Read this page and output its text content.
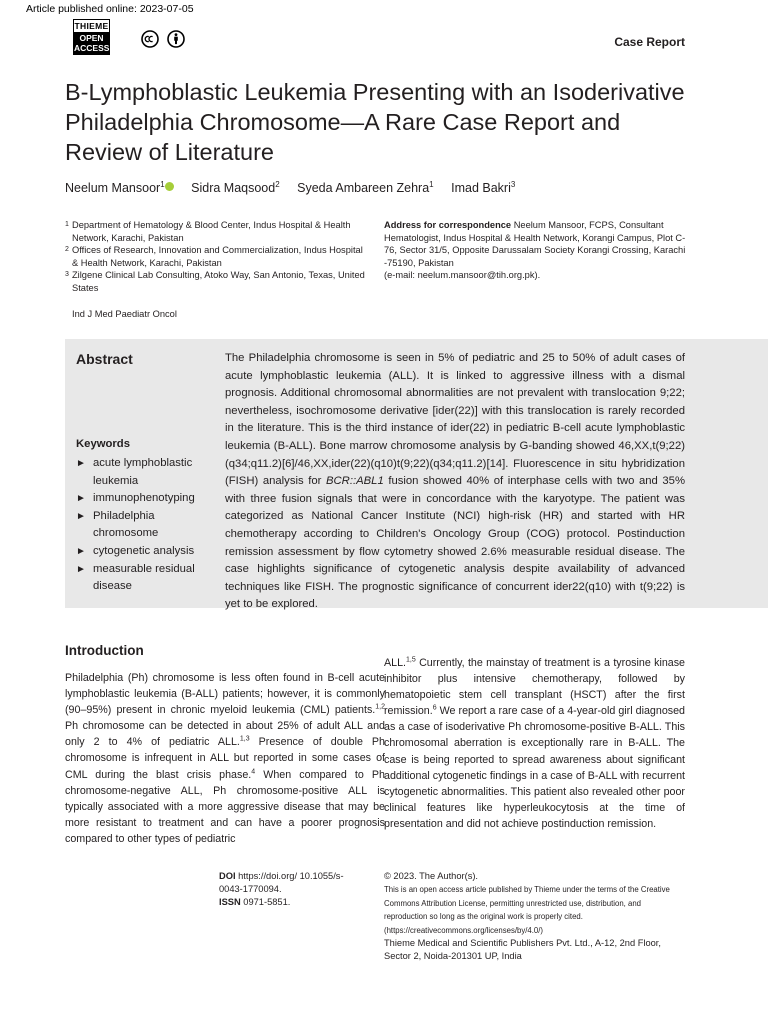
Article published online: 2023-07-05
THIEME
OPEN
ACCESS	Case Report
B-Lymphoblastic Leukemia Presenting with an Isoderivative Philadelphia Chromosome—A Rare Case Report and Review of Literature
Neelum Mansoor$^1$ Sidra Maqsood$^2$ Syeda Ambareen Zehra$^1$ Imad Bakri$^3$
1 Department of Hematology & Blood Center, Indus Hospital & Health Network, Karachi, Pakistan
2 Offices of Research, Innovation and Commercialization, Indus Hospital & Health Network, Karachi, Pakistan
3 Zilgene Clinical Lab Consulting, Atoko Way, San Antonio, Texas, United States
Address for correspondence Neelum Mansoor, FCPS, Consultant Hematologist, Indus Hospital & Health Network, Korangi Campus, Plot C-76, Sector 31/5, Opposite Darussalam Society Korangi Crossing, Karachi -75190, Pakistan
(e-mail: neelum.mansoor@tih.org.pk).
Ind J Med Paediatr Oncol
Abstract	The Philadelphia chromosome is seen in 5% of pediatric and 25 to 50% of adult cases of acute lymphoblastic leukemia (ALL). It is linked to aggressive illness with a dismal prognosis. Additional chromosomal abnormalities are not prevalent with translocation 9;22; nevertheless, isochromosome derivative [ider(22)] with this translocation is rarely recorded in the literature. This is the third instance of ider(22) in pediatric B-cell acute lymphoblastic leukemia (B-ALL). Bone marrow chromosome analysis by G-banding showed 46,XX,t(9;22)(q34;q11.2)[6]/46,XX,ider(22)(q10)t(9;22)(q34;q11.2)[14]. Fluorescence in situ hybridization (FISH) analysis for BCR::ABL1 fusion showed 40% of interphase cells with two and 35% with three fusion signals that were in concordance with the karyotype. The patient was categorized as National Cancer Institute (NCI) high-risk (HR) and started with HR chemotherapy according to Children's Oncology Group (COG) protocol. Postinduction remission assessment by flow cytometry showed 2.6% measurable residual disease. The case highlights significance of cytogenetic analysis despite availability of advanced techniques like FISH. The prognostic significance of concurrent ider22(q10) with t(9;22) is yet to be explored.
Keywords
► acute lymphoblastic leukemia
► immunophenotyping
► Philadelphia chromosome
► cytogenetic analysis
► measurable residual disease
Introduction
Philadelphia (Ph) chromosome is less often found in B-cell acute lymphoblastic leukemia (B-ALL) patients; however, it is commonly (90–95%) present in chronic myeloid leukemia (CML) patients.$^{1,2}$ Ph chromosome can be detected in about 25% of adult ALL and only 2 to 4% of pediatric ALL.$^{1,3}$ Presence of double Ph chromosome is infrequent in ALL but reported in some cases of CML during the blast crisis phase.$^4$ When compared to Ph chromosome-negative ALL, Ph chromosome-positive ALL is typically associated with a more aggressive disease that may be more resistant to treatment and can have a poorer prognosis compared to other types of pediatric
ALL.$^{1,5}$ Currently, the mainstay of treatment is a tyrosine kinase inhibitor plus intensive chemotherapy, followed by hematopoietic stem cell transplant (HSCT) after the first remission.$^6$ We report a rare case of a 4-year-old girl diagnosed as a case of isoderivative Ph chromosome-positive B-ALL. This chromosomal aberration is exceptionally rare in B-ALL. The case is being reported to spread awareness about significant additional cytogenetic findings in a case of B-ALL with recurrent cytogenetic abnormalities. This patient also revealed other poor clinical features like hyperleukocytosis at the time of presentation and did not achieve postinduction remission.
DOI https://doi.org/ 10.1055/s-0043-1770094.
ISSN 0971-5851.
© 2023. The Author(s).
This is an open access article published by Thieme under the terms of the Creative Commons Attribution License, permitting unrestricted use, distribution, and reproduction so long as the original work is properly cited. (https://creativecommons.org/licenses/by/4.0/)
Thieme Medical and Scientific Publishers Pvt. Ltd., A-12, 2nd Floor, Sector 2, Noida-201301 UP, India
